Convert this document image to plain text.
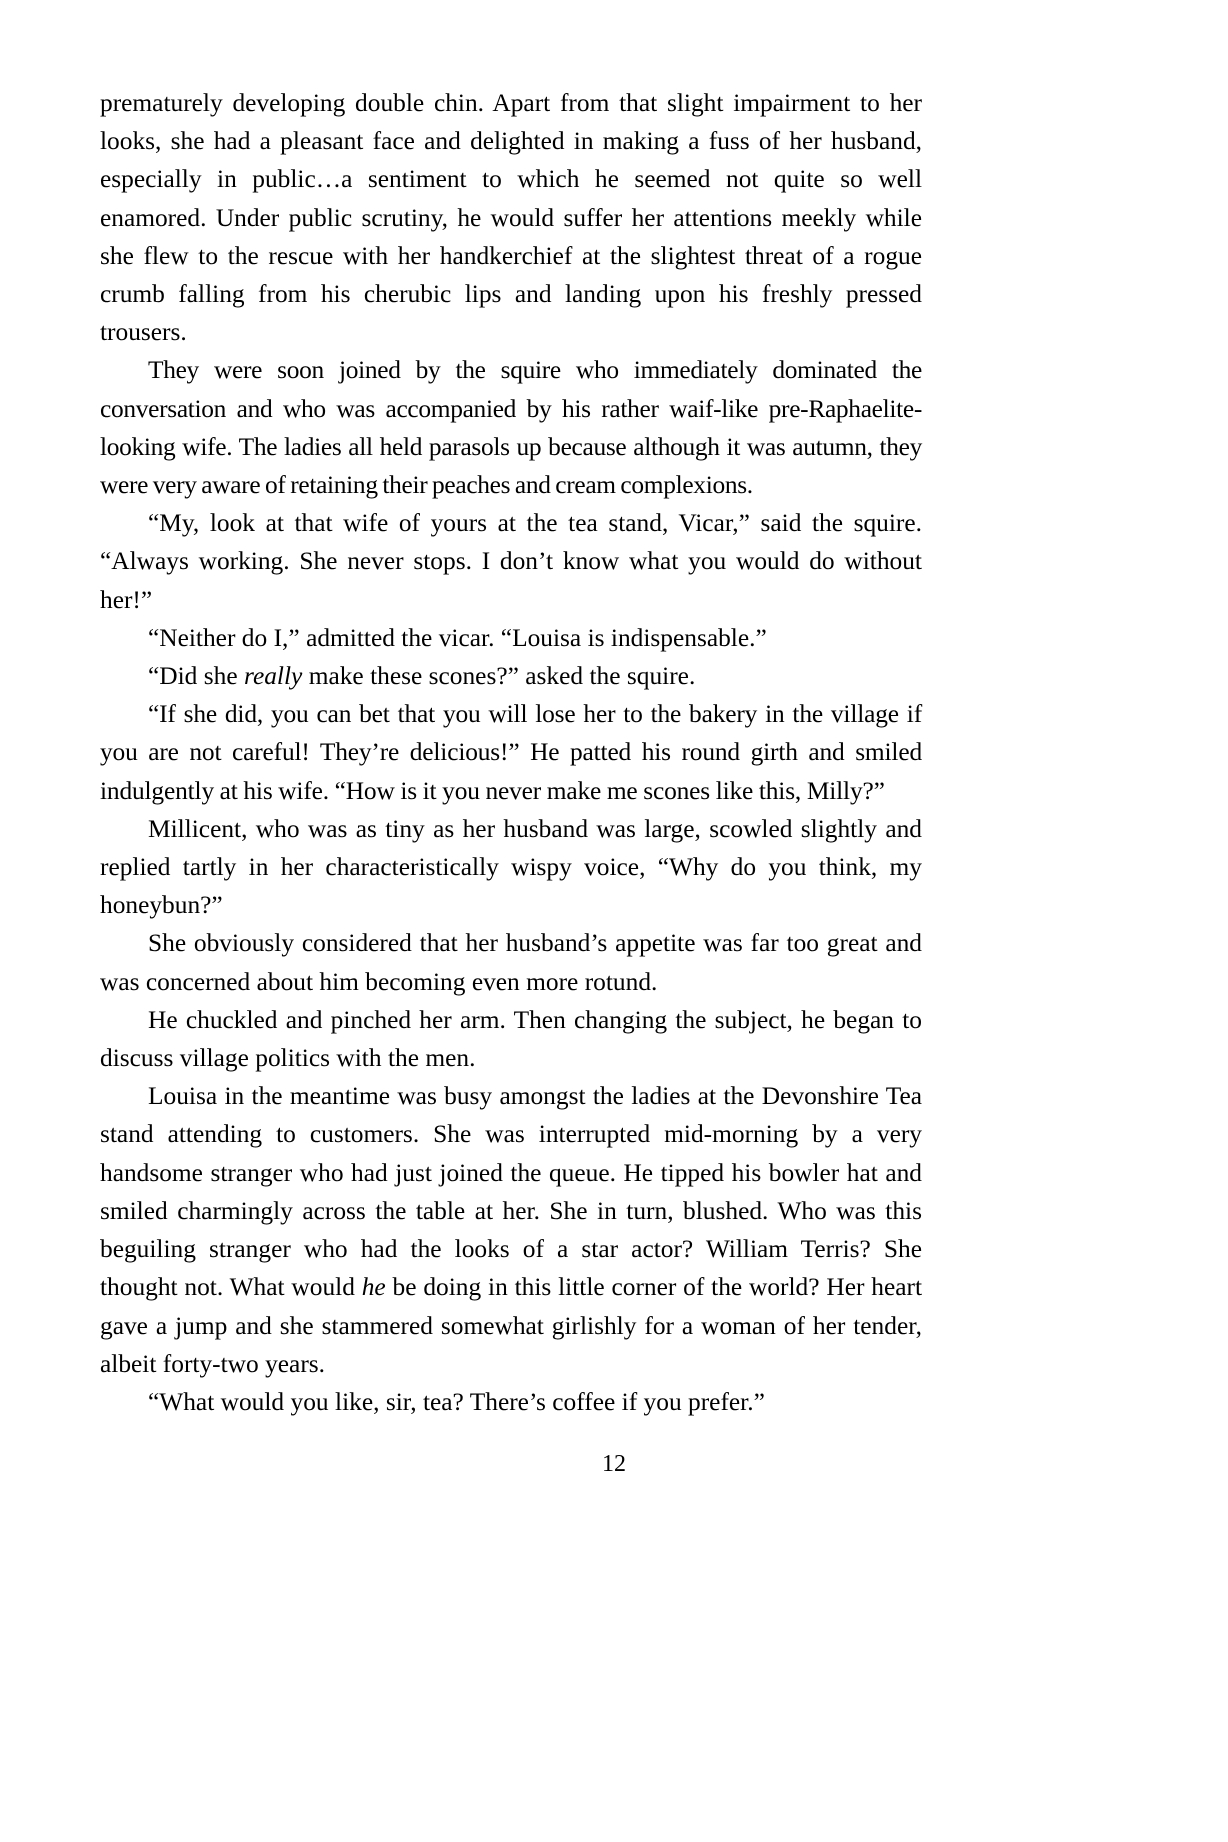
prematurely developing double chin. Apart from that slight impairment to her looks, she had a pleasant face and delighted in making a fuss of her husband, especially in public…a sentiment to which he seemed not quite so well enamored. Under public scrutiny, he would suffer her attentions meekly while she flew to the rescue with her handkerchief at the slightest threat of a rogue crumb falling from his cherubic lips and landing upon his freshly pressed trousers.

They were soon joined by the squire who immediately dominated the conversation and who was accompanied by his rather waif-like pre-Raphaelite-looking wife. The ladies all held parasols up because although it was autumn, they were very aware of retaining their peaches and cream complexions.

“My, look at that wife of yours at the tea stand, Vicar,” said the squire. “Always working. She never stops. I don’t know what you would do without her!”

“Neither do I,” admitted the vicar. “Louisa is indispensable.”

“Did she really make these scones?” asked the squire.

“If she did, you can bet that you will lose her to the bakery in the village if you are not careful! They’re delicious!” He patted his round girth and smiled indulgently at his wife. “How is it you never make me scones like this, Milly?”

Millicent, who was as tiny as her husband was large, scowled slightly and replied tartly in her characteristically wispy voice, “Why do you think, my honeybun?”

She obviously considered that her husband’s appetite was far too great and was concerned about him becoming even more rotund.

He chuckled and pinched her arm. Then changing the subject, he began to discuss village politics with the men.

Louisa in the meantime was busy amongst the ladies at the Devonshire Tea stand attending to customers. She was interrupted mid-morning by a very handsome stranger who had just joined the queue. He tipped his bowler hat and smiled charmingly across the table at her. She in turn, blushed. Who was this beguiling stranger who had the looks of a star actor? William Terris? She thought not. What would he be doing in this little corner of the world? Her heart gave a jump and she stammered somewhat girlishly for a woman of her tender, albeit forty-two years.

“What would you like, sir, tea? There’s coffee if you prefer.”

12
